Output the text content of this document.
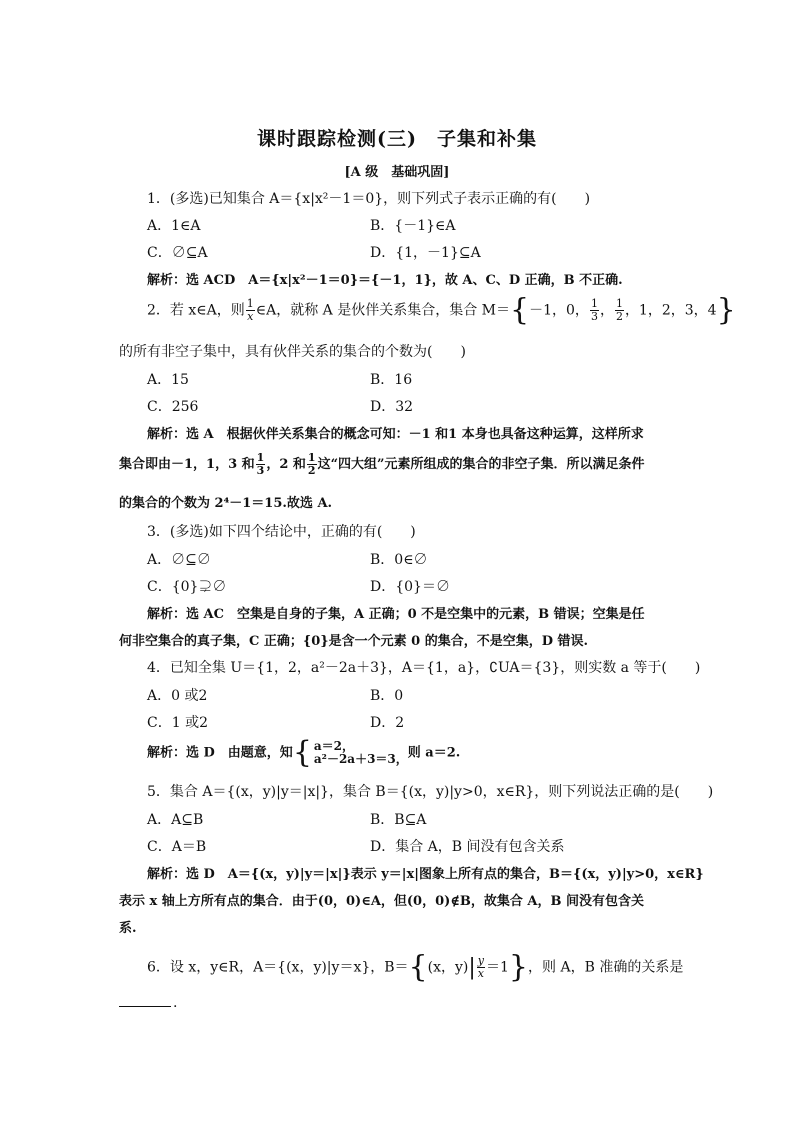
课时跟踪检测(三)　子集和补集
[A 级　基础巩固]
1．(多选)已知集合 A＝{x|x²－1＝0}，则下列式子表示正确的有(　　)
A．1∈A	B．{－1}∈A
C．∅⊆A	D．{1，－1}⊆A
解析：选 ACD　A＝{x|x²－1＝0}＝{－1，1}，故 A、C、D 正确，B 不正确.
2．若 x∈A，则 $\frac{1}{x}$ ∈A，就称 A 是伙伴关系集合，集合 M＝{－1，0， $\frac{1}{3}$ ， $\frac{1}{2}$ ，1，2，3，4}
的所有非空子集中，具有伙伴关系的集合的个数为(　　)
A．15	B．16
C．256	D．32
解析：选 A　根据伙伴关系集合的概念可知：－1 和1 本身也具备这种运算，这样所求
集合即由－1，1，3 和 $\frac{1}{3}$ ，2 和 $\frac{1}{2}$ 这“四大组”元素所组成的集合的非空子集．所以满足条件
的集合的个数为 2⁴－1＝15.故选 A.
3．(多选)如下四个结论中，正确的有(　　)
A．∅⊆∅	B．0∈∅
C．{0}⊋∅	D．{0}＝∅
解析：选 AC　空集是自身的子集，A 正确；0 不是空集中的元素，B 错误；空集是任
何非空集合的真子集，C 正确；{0}是含一个元素 0 的集合，不是空集，D 错误.
4．已知全集 U＝{1，2，a²－2a＋3}，A＝{1，a}，∁UA＝{3}，则实数 a 等于(　　)
A．0 或2	B．0
C．1 或2	D．2
解析：选 D　由题意，知{ a＝2，
a²－2a＋3＝3， 则 a＝2.
5．集合 A＝{(x，y)|y＝|x|}，集合 B＝{(x，y)|y>0，x∈R}，则下列说法正确的是(　　)
A．A⊆B	B．B⊆A
C．A＝B	D．集合 A，B 间没有包含关系
解析：选 D　A＝{(x，y)|y＝|x|}表示 y＝|x|图象上所有点的集合，B＝{(x，y)|y>0，x∈R}
表示 x 轴上方所有点的集合．由于(0，0)∈A，但(0，0)∉B，故集合 A，B 间没有包含关
系.
6．设 x，y∈R，A＝{(x，y)|y＝x}，B＝{(x，$y)| \frac{y}{x} =1$}，则 A，B 准确的关系是
.
